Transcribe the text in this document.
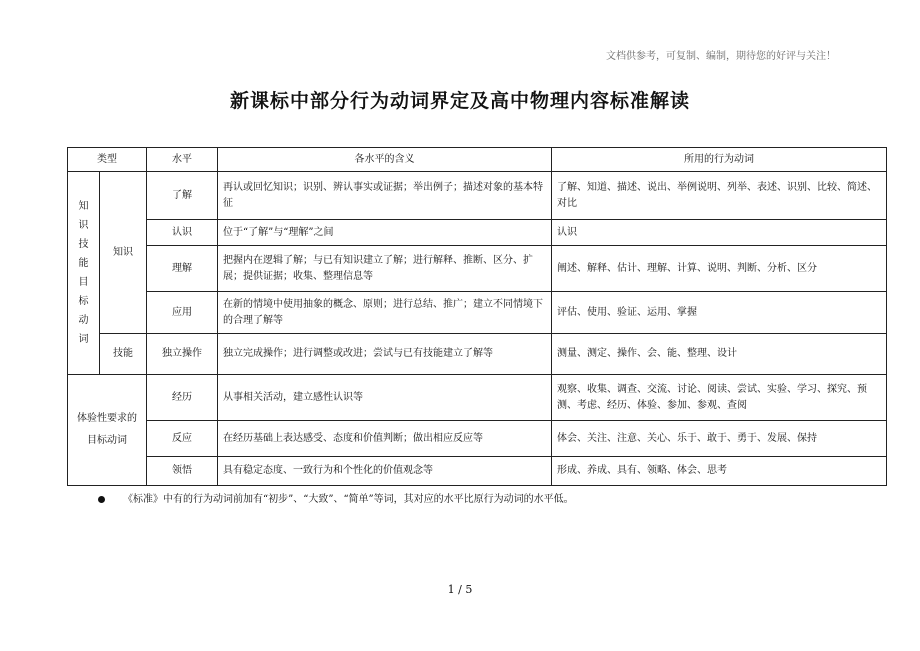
文档供参考，可复制、编制，期待您的好评与关注！
新课标中部分行为动词界定及高中物理内容标准解读
类型		水平	各水平的含义	所用的行为动词

知识技能目标动词	知识	了解	再认或回忆知识；识别、辨认事实或证据；举出例子；描述对象的基本特征	了解、知道、描述、说出、举例说明、列举、表述、识别、比较、简述、对比
		认识	位于“了解”与“理解”之间	认识
		理解	把握内在逻辑了解；与已有知识建立了解；进行解释、推断、区分、扩展；提供证据；收集、整理信息等	阐述、解释、估计、理解、计算、说明、判断、分析、区分
		应用	在新的情境中使用抽象的概念、原则；进行总结、推广；建立不同情境下的合理了解等	评估、使用、验证、运用、掌握
	技能	独立操作	独立完成操作；进行调整或改进；尝试与已有技能建立了解等	测量、测定、操作、会、能、整理、设计

体验性要求的目标动词		经历	从事相关活动，建立感性认识等	观察、收集、调查、交流、讨论、阅读、尝试、实验、学习、探究、预测、考虑、经历、体验、参加、参观、查阅
		反应	在经历基础上表达感受、态度和价值判断；做出相应反应等	体会、关注、注意、关心、乐于、敢于、勇于、发展、保持
		领悟	具有稳定态度、一致行为和个性化的价值观念等	形成、养成、具有、领略、体会、思考
《标准》中有的行为动词前加有“初步”、“大致”、“简单”等词，其对应的水平比原行为动词的水平低。
1 / 5
